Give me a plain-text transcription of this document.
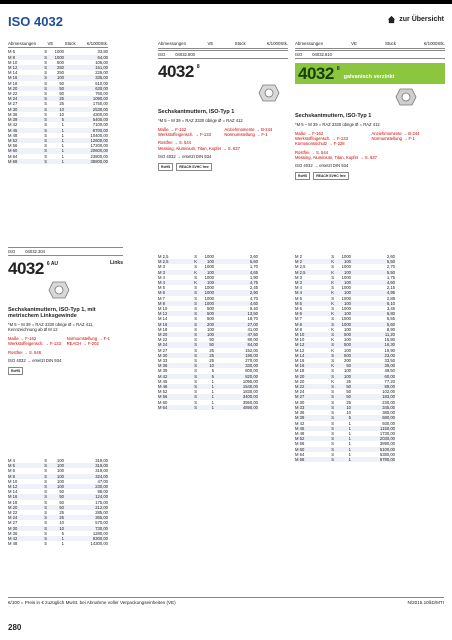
ISO 4032	zur Übersicht
Abmessungen	VE	Stück	€/1000Stk.
M 6	S	1000	33,80
M 8	S	1000	64,00
M 10	S	500	106,00
M 12	S	250	151,00
M 14	S	250	226,00
M 16	S	100	335,00
M 18	S	50	510,00
M 20	S	50	630,00
M 22	S	50	760,00
M 24	S	25	1090,00
M 27	S	25	1750,00
M 30	S	10	2530,00
M 36	S	10	4300,00
M 39	S	5	5400,00
M 42	S	1	7100,00
M 45	S	1	8700,00
M 48	S	1	10400,00
M 52	S	1	12600,00
M 56	S	1	17200,00
M 60	S	1	20600,00
M 64	S	1	23800,00
M 68	S	1	38800,00
Abmessungen	VE	Stück	€/1000Stk.
ISO 04032.800
4032 8
Sechskantmuttern, ISO-Typ 1
*M 5 – M 39 = RAZ 3330 übrige Ø = RAZ 412
Maße → F-162	Anziehmomente → B-244
Werkstoffeigensch. → F-133	Normumstellung → F-1
Rostfrei → S. 544
Messing, Aluminium, Titan, Kupfer → S. 637
ISO 4032 → ersetzt DIN 934
RoHS	REACH SVHC free
Abmessungen	VE	Stück	€/1000Stk.
ISO 04032.810
4032 8
galvanisch verzinkt
Sechskantmuttern, ISO-Typ 1
*M 5 – M 39 = RAZ 3330 übrige Ø = RAZ 412
Maße → F-162	Anziehmomente → B-244
Werkstoffeigensch. → F-133	Normumstellung → F-1
Korrosionsschutz → F-228
Rostfrei → S. 544
Messing, Aluminium, Titan, Kupfer → S. 637
ISO 4032 → ersetzt DIN 934
RoHS	REACH SVHC free
ISO 04032.304
4032 6 AU	Links
Sechskantmuttern, ISO-Typ 1, mit metrischem Linksgewinde
*M 5 – M 39 = RAZ 3330 übrige Ø = RAZ 411, Kennzeichnung ab Ø M 12
Maße → F-162	Normumstellung → F-1
Werkstoffeigensch. → F-133	REACH → F-202
Rostfrei → S. 546
ISO 4032 → ersetzt DIN 934
RoHS
M 4	S	100	319,00
M 5	S	100	319,00
M 6	S	100	319,00
M 8	S	100	324,00
M 10	S	100	47,00
M 12	S	100	230,00
M 14	S	50	98,00
M 16	S	50	124,00
M 18	S	50	175,00
M 20	S	50	212,00
M 22	S	25	285,00
M 24	S	25	365,00
M 27	S	10	570,00
M 30	S	10	730,00
M 36	S	5	1280,00
M 42	S	1	9300,00
M 48	S	1	14300,00
M 2,5	S	1000	2,60
M 2,5	K	100	5,60
M 3	S	1000	1,70
M 3	K	100	4,65
M 4	S	1000	1,90
M 4	K	100	4,75
M 5	S	1000	2,45
M 6	S	1000	2,90
M 7	S	1000	4,70
M 8	S	1000	4,60
M 10	S	500	9,40
M 12	S	500	13,50
M 14	S	500	18,70
M 16	S	200	27,00
M 18	S	100	41,00
M 20	S	100	47,50
M 22	S	50	80,00
M 24	S	50	84,00
M 27	S	25	152,00
M 30	S	25	190,00
M 33	S	25	270,00
M 36	S	10	330,00
M 39	S	5	600,00
M 42	S	5	820,00
M 45	S	1	1095,00
M 48	S	1	1540,00
M 52	S	1	1830,00
M 56	S	1	3400,00
M 60	S	1	3950,00
M 64	S	1	4890,00
M 2	S	1000	2,60
M 2	K	100	5,50
M 2,5	S	1000	2,70
M 2,5	K	100	5,50
M 3	S	1000	1,75
M 3	K	100	4,60
M 4	S	1000	2,15
M 4	K	100	4,95
M 5	S	1000	2,88
M 5	K	100	6,10
M 6	S	1000	3,45
M 6	K	100	6,80
M 7	S	1000	5,55
M 8	S	1000	5,60
M 8	K	100	8,90
M 10	S	500	11,20
M 10	K	100	16,80
M 12	S	500	16,30
M 12	K	100	19,90
M 14	S	500	23,00
M 16	S	200	33,50
M 16	K	50	39,00
M 18	S	100	49,50
M 20	S	100	60,00
M 20	K	25	77,20
M 22	S	50	89,00
M 24	S	50	102,00
M 27	S	50	183,00
M 30	S	25	230,00
M 33	S	10	345,00
M 36	S	10	385,00
M 39	S	5	680,00
M 42	S	1	930,00
M 45	S	1	1150,00
M 48	S	1	1730,00
M 52	S	1	2030,00
M 56	S	1	3890,00
M 60	S	1	5100,00
M 64	S	1	5380,00
M 68	S	1	6780,00
€/100 = Preis in € zuzüglich MwSt. bei Abnahme voller Verpackungseinheiten (VE)	N/2015.10ßD/MTI
280
